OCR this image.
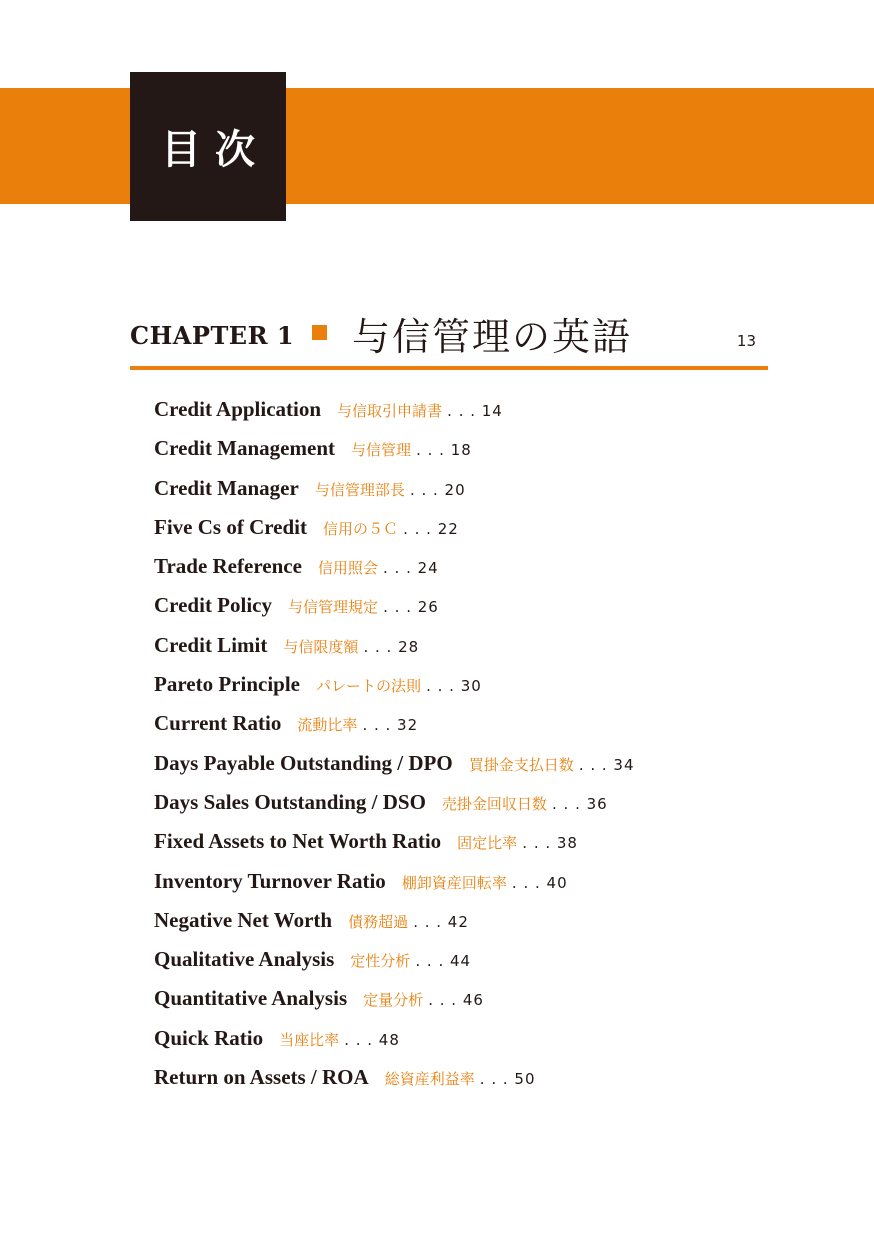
目次
CHAPTER 1 与信管理の英語	13
Credit Application 与信取引申請書 . . . 14
Credit Management 与信管理 . . . 18
Credit Manager 与信管理部長 . . . 20
Five Cs of Credit 信用の５Ｃ . . . 22
Trade Reference 信用照会 . . . 24
Credit Policy 与信管理規定 . . . 26
Credit Limit 与信限度額 . . . 28
Pareto Principle パレートの法則 . . . 30
Current Ratio 流動比率 . . . 32
Days Payable Outstanding / DPO 買掛金支払日数 . . . 34
Days Sales Outstanding / DSO 売掛金回収日数 . . . 36
Fixed Assets to Net Worth Ratio 固定比率 . . . 38
Inventory Turnover Ratio 棚卸資産回転率 . . . 40
Negative Net Worth 債務超過 . . . 42
Qualitative Analysis 定性分析 . . . 44
Quantitative Analysis 定量分析 . . . 46
Quick Ratio 当座比率 . . . 48
Return on Assets / ROA 総資産利益率 . . . 50
